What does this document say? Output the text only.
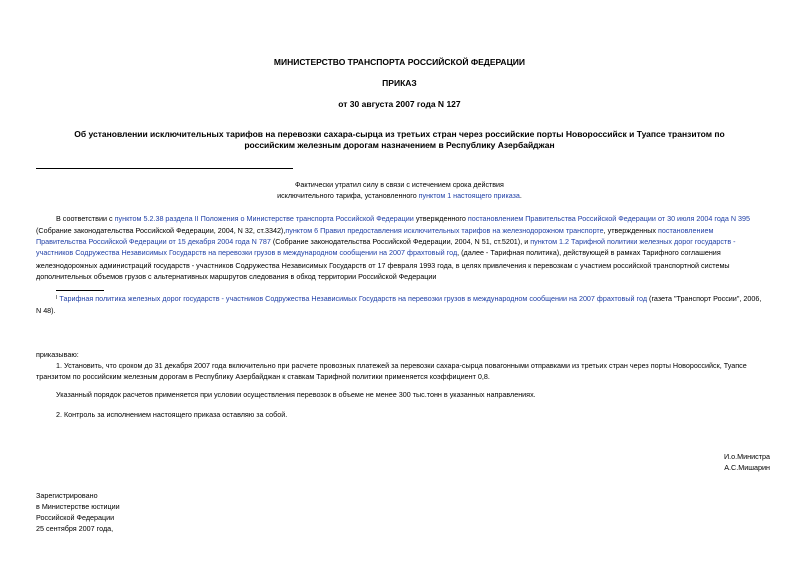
МИНИСТЕРСТВО ТРАНСПОРТА РОССИЙСКОЙ ФЕДЕРАЦИИ
ПРИКАЗ
от 30 августа 2007 года N 127
Об установлении исключительных тарифов на перевозки сахара-сырца из третьих стран через российские порты Новороссийск и Туапсе транзитом по
российским железным дорогам назначением в Республику Азербайджан
Фактически утратил силу в связи с истечением срока действия
исключительного тарифа, установленного пунктом 1 настоящего приказа.
В соответствии с пунктом 5.2.38 раздела II Положения о Министерстве транспорта Российской Федерации утвержденного постановлением Правительства Российской Федерации от 30 июля 2004 года N 395
(Собрание законодательства Российской Федерации, 2004, N 32, ст.3342),пунктом 6 Правил предоставления исключительных тарифов на железнодорожном транспорте, утвержденных постановлением
Правительства Российской Федерации от 15 декабря 2004 года N 787 (Собрание законодательства Российской Федерации, 2004, N 51, ст.5201), и пунктом 1.2 Тарифной политики железных дорог государств -
участников Содружества Независимых Государств на перевозки грузов в международном сообщении на 2007 фрахтовый год, (далее - Тарифная политика), действующей в рамках Тарифного соглашения
железнодорожных администраций государств - участников Содружества Независимых Государств от 17 февраля 1993 года, в целях привлечения к перевозкам с участием российской транспортной системы
дополнительных объемов грузов с альтернативных маршрутов следования в обход территории Российской Федерации
$^I$ Тарифная политика железных дорог государств - участников Содружества Независимых Государств на перевозки грузов в международном сообщении на 2007 фрахтовый год (газета "Транспорт России", 2006,
N 48).
приказываю:
1. Установить, что сроком до 31 декабря 2007 года включительно при расчете провозных платежей за перевозки сахара-сырца повагонными отправками из третьих стран через порты Новороссийск, Туапсе
транзитом по российским железным дорогам в Республику Азербайджан к ставкам Тарифной политики применяется коэффициент 0,8.
Указанный порядок расчетов применяется при условии осуществления перевозок в объеме не менее 300 тыс.тонн в указанных направлениях.
2. Контроль за исполнением настоящего приказа оставляю за собой.
И.о.Министра
А.С.Мишарин
Зарегистрировано
в Министерстве юстиции
Российской Федерации
25 сентября 2007 года,
